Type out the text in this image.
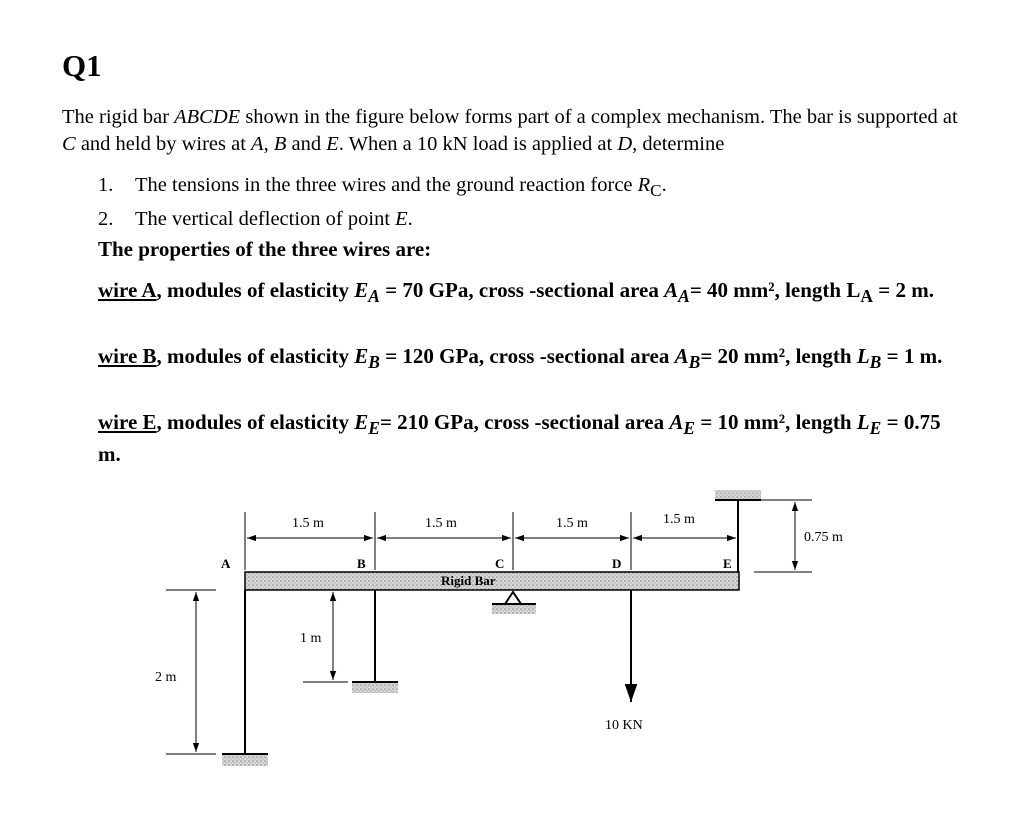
Q1

The rigid bar ABCDE shown in the figure below forms part of a complex mechanism. The bar is supported at C and held by wires at A, B and E. When a 10 kN load is applied at D, determine

1.	The tensions in the three wires and the ground reaction force $R_C$.
2.	The vertical deflection of point E.

The properties of the three wires are:

wire A, modules of elasticity $E_A = 70$ GPa, cross -sectional area $A_A= 40$ mm², length $L_A = 2$ m.

wire B, modules of elasticity $E_B = 120$ GPa, cross -sectional area $A_B= 20$ mm², length $L_B = 1$ m.

wire E, modules of elasticity $E_E= 210$ GPa, cross -sectional area $A_E = 10$ mm², length $L_E = 0.75$ m.

Rigid Bar
A	B	C	D	E
1.5 m	1.5 m	1.5 m	1.5 m
0.75 m
1 m
2 m
10 KN
